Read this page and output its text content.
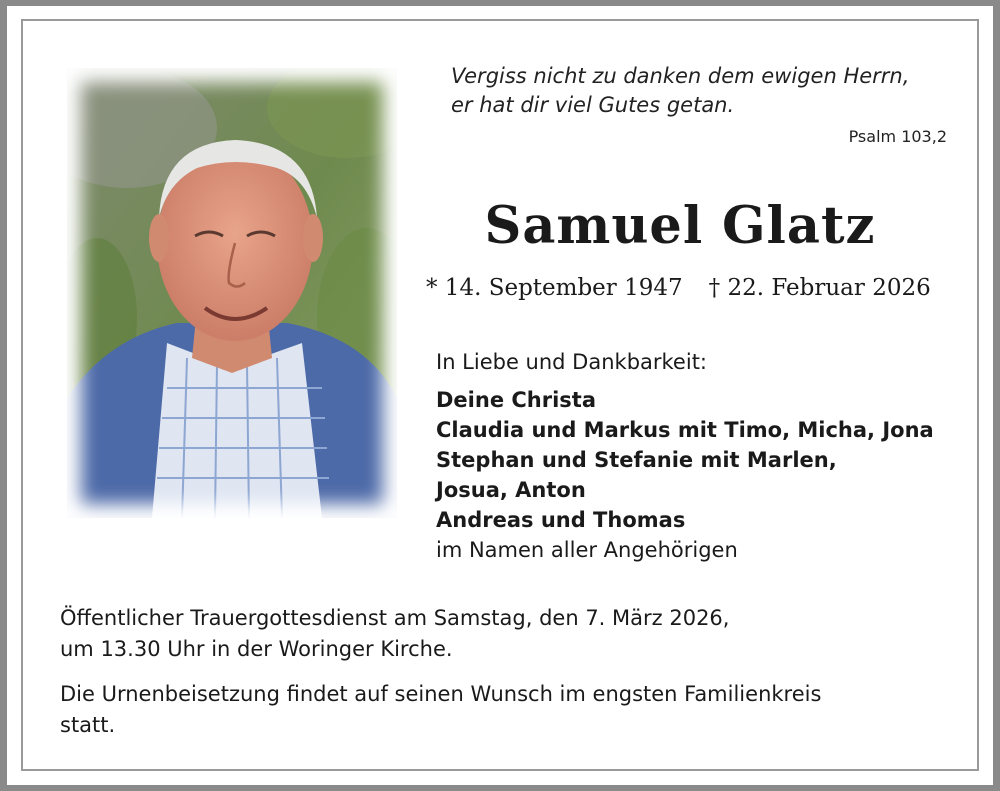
Vergiss nicht zu danken dem ewigen Herrn,
er hat dir viel Gutes getan.
Psalm 103,2
Samuel Glatz
* 14. September 1947 † 22. Februar 2026
In Liebe und Dankbarkeit:
Deine Christa
Claudia und Markus mit Timo, Micha, Jona
Stephan und Stefanie mit Marlen,
Josua, Anton
Andreas und Thomas
im Namen aller Angehörigen

Öffentlicher Trauergottesdienst am Samstag, den 7. März 2026,

um 13.30 Uhr in der Woringer Kirche.

Die Urnenbeisetzung findet auf seinen Wunsch im engsten Familienkreis

statt.
